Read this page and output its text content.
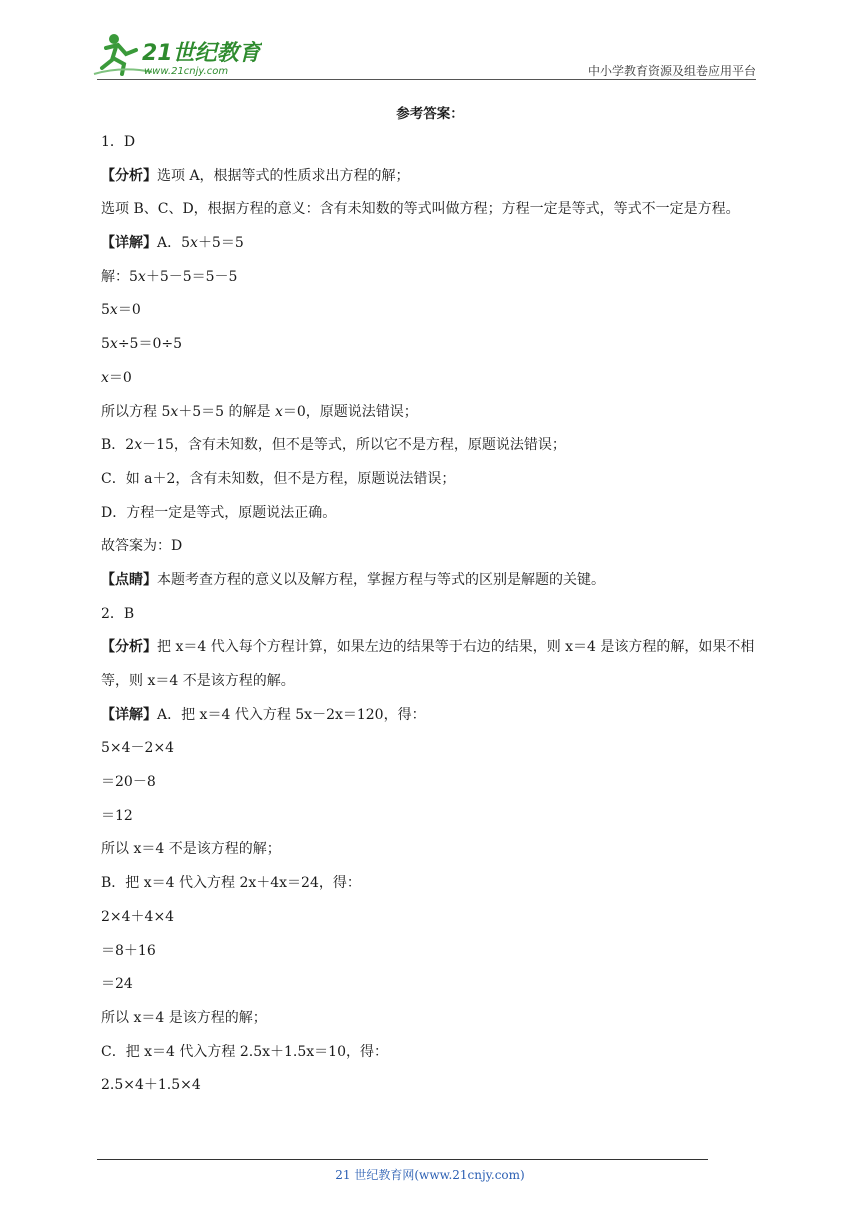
21世纪教育
www.21cnjy.com	中小学教育资源及组卷应用平台
参考答案：
1．D
【分析】选项 A，根据等式的性质求出方程的解；
选项 B、C、D，根据方程的意义：含有未知数的等式叫做方程；方程一定是等式，等式不一定是方程。
【详解】A．5x＋5＝5
解：5x＋5－5＝5－5
5x＝0
5x÷5＝0÷5
x＝0
所以方程 5x＋5＝5 的解是 x＝0，原题说法错误；
B．2x－15，含有未知数，但不是等式，所以它不是方程，原题说法错误；
C．如 a＋2，含有未知数，但不是方程，原题说法错误；
D．方程一定是等式，原题说法正确。
故答案为：D
【点睛】本题考查方程的意义以及解方程，掌握方程与等式的区别是解题的关键。
2．B
【分析】把 x＝4 代入每个方程计算，如果左边的结果等于右边的结果，则 x＝4 是该方程的解，如果不相等，则 x＝4 不是该方程的解。
【详解】A．把 x＝4 代入方程 5x－2x＝120，得：
5×4－2×4
＝20－8
＝12
所以 x＝4 不是该方程的解；
B．把 x＝4 代入方程 2x＋4x＝24，得：
2×4＋4×4
＝8＋16
＝24
所以 x＝4 是该方程的解；
C．把 x＝4 代入方程 2.5x＋1.5x＝10，得：
2.5×4＋1.5×4
21 世纪教育网(www.21cnjy.com)
